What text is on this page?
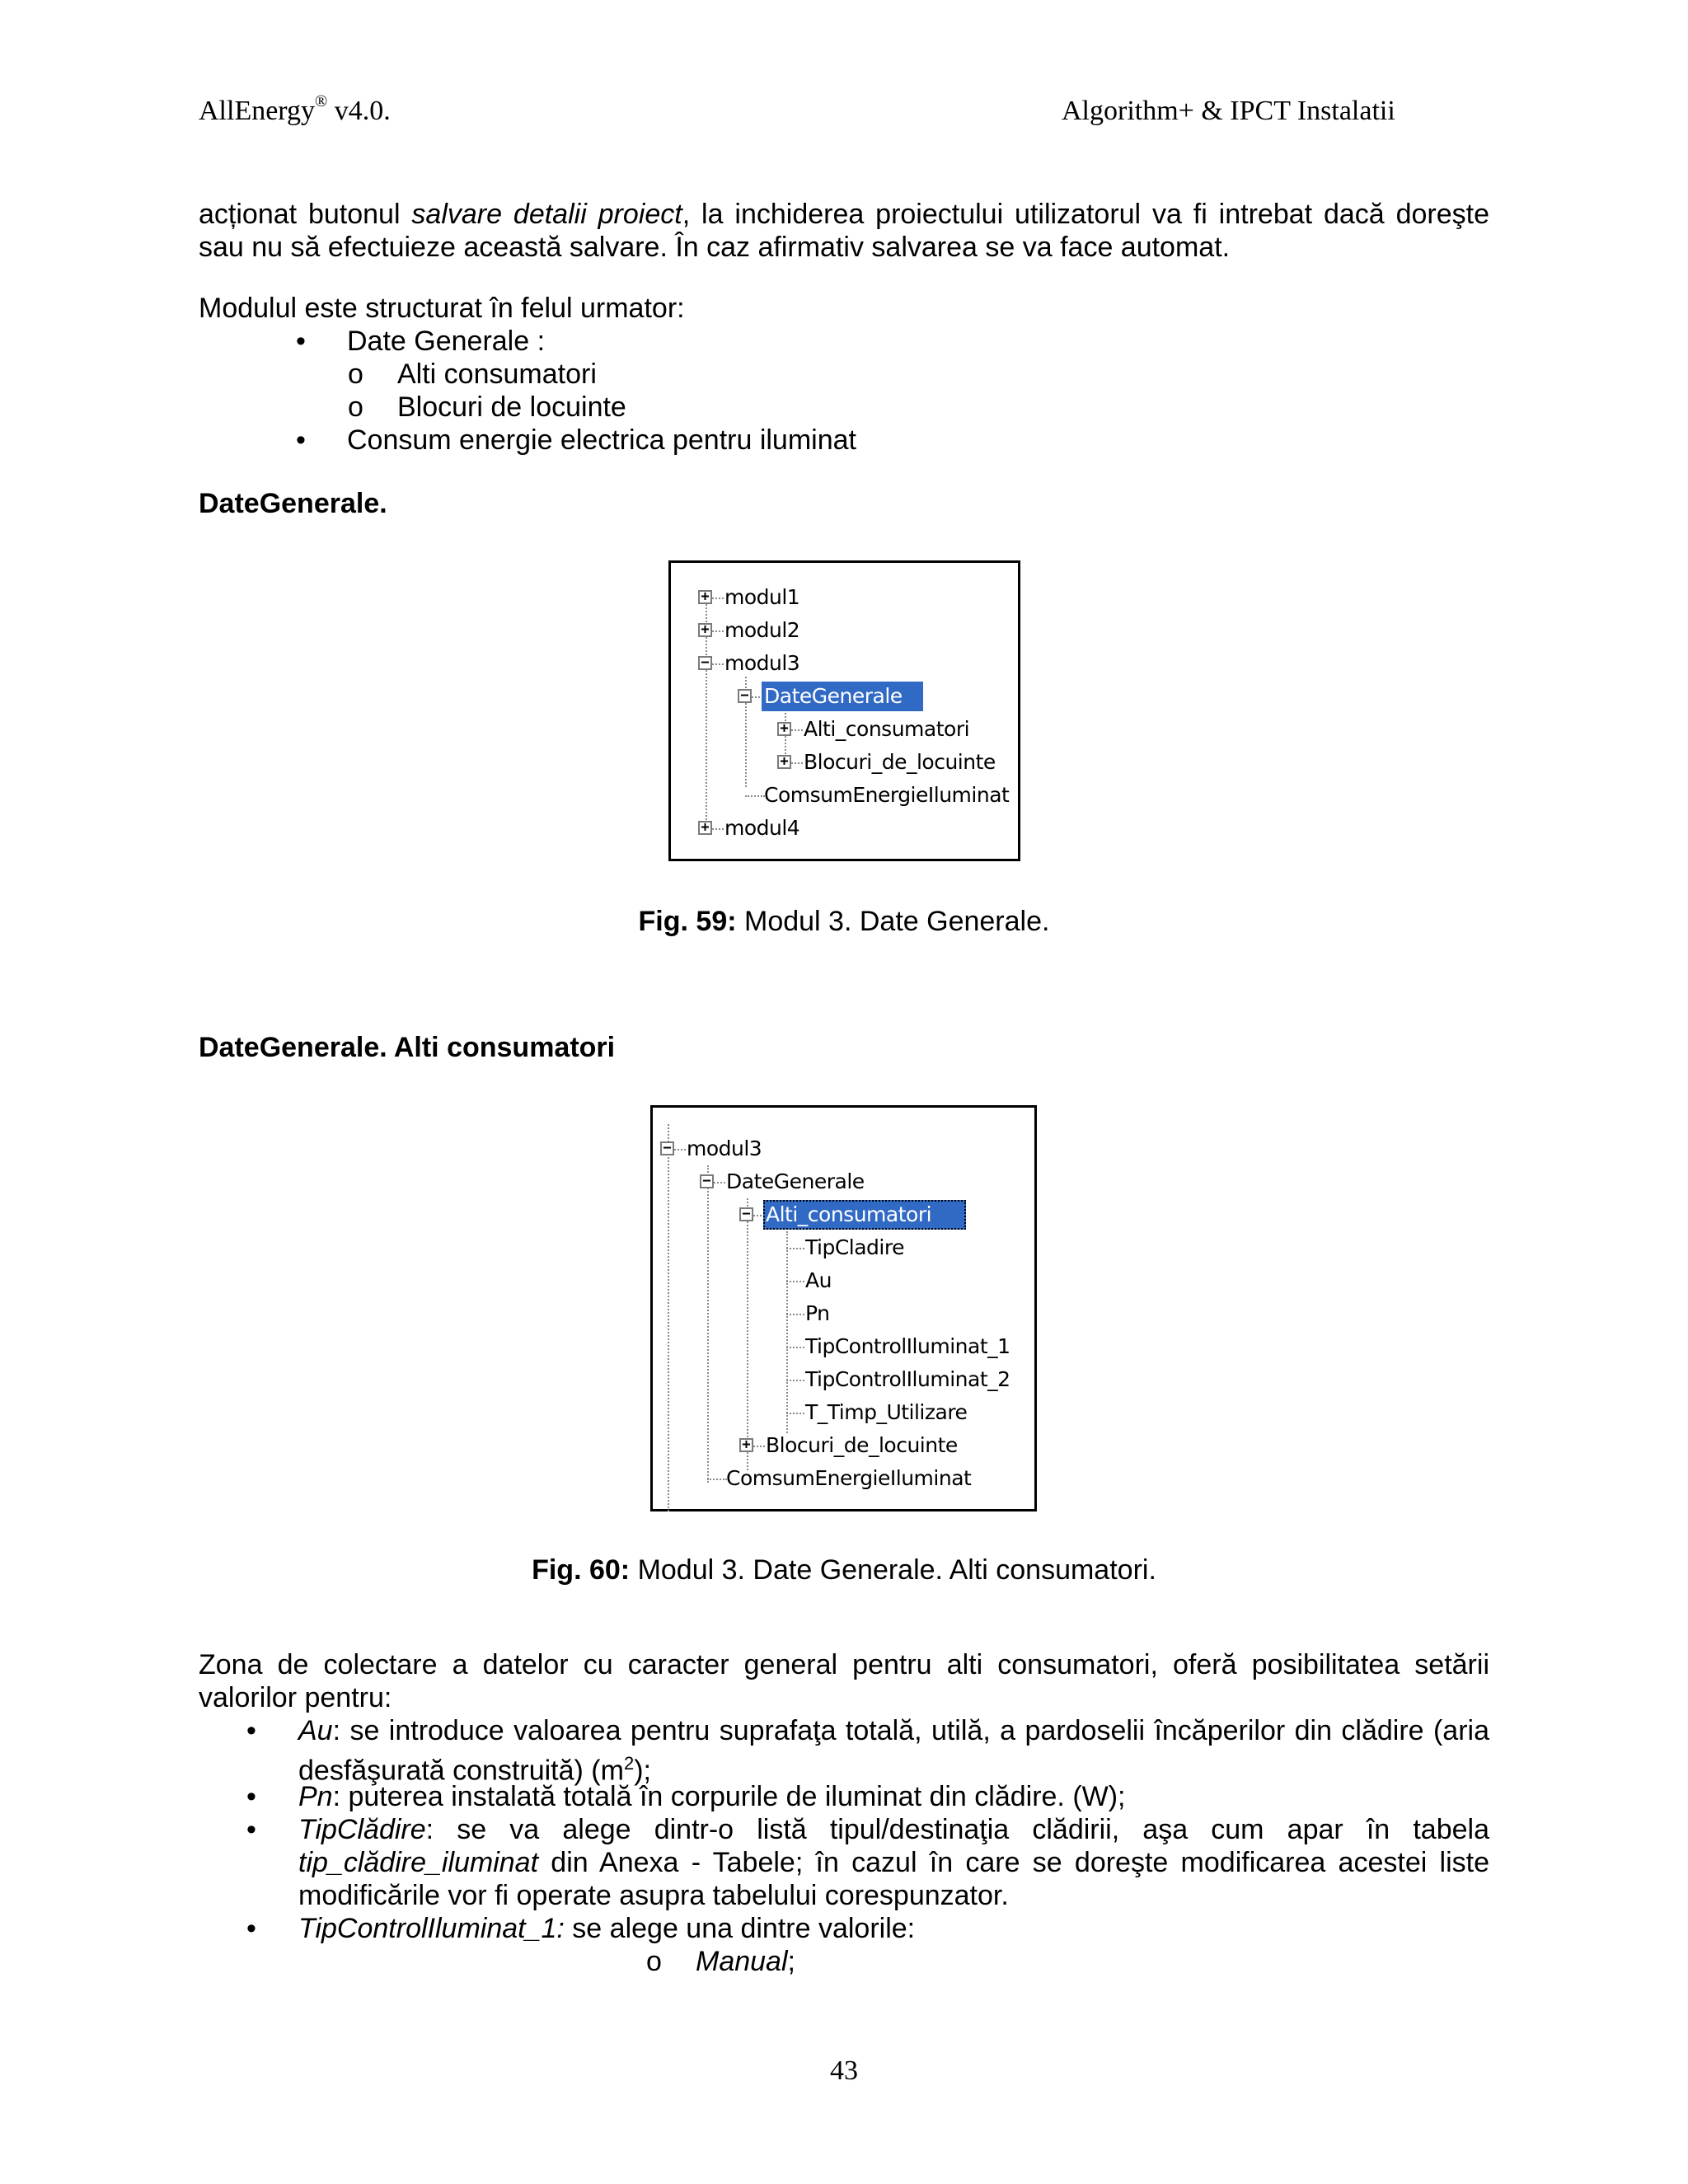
AllEnergy® v4.0.	Algorithm+ & IPCT Instalatii
acționat butonul salvare detalii proiect, la inchiderea proiectului utilizatorul va fi intrebat dacă doreşte sau nu să efectuieze această salvare. În caz afirmativ salvarea se va face automat.
Modulul este structurat în felul urmator:
• Date Generale :
o Alti consumatori
o Blocuri de locuinte
• Consum energie electrica pentru iluminat
DateGenerale.
+
+
−
−
+
+
+
modul1
modul2
modul3
DateGenerale
Alti_consumatori
Blocuri_de_locuinte
ComsumEnergieIluminat
modul4
Fig. 59: Modul 3. Date Generale.
DateGenerale. Alti consumatori
−
−
−
+
modul3
DateGenerale
Alti_consumatori
TipCladire
Au
Pn
TipControlIluminat_1
TipControlIluminat_2
T_Timp_Utilizare
Blocuri_de_locuinte
ComsumEnergieIluminat
Fig. 60: Modul 3. Date Generale. Alti consumatori.
Zona de colectare a datelor cu caracter general pentru alti consumatori, oferă posibilitatea setării valorilor pentru:
• Au: se introduce valoarea pentru suprafaţa totală, utilă, a pardoselii încăperilor din clădire (aria desfăşurată construită) $(m^2)$;
• Pn: puterea instalată totală în corpurile de iluminat din clădire. (W);
• TipClădire: se va alege dintr-o listă tipul/destinaţia clădirii, aşa cum apar în tabela tip_clădire_iluminat din Anexa - Tabele; în cazul în care se doreşte modificarea acestei liste modificările vor fi operate asupra tabelului corespunzator.
• TipControlIluminat_1: se alege una dintre valorile:
o Manual;
43
